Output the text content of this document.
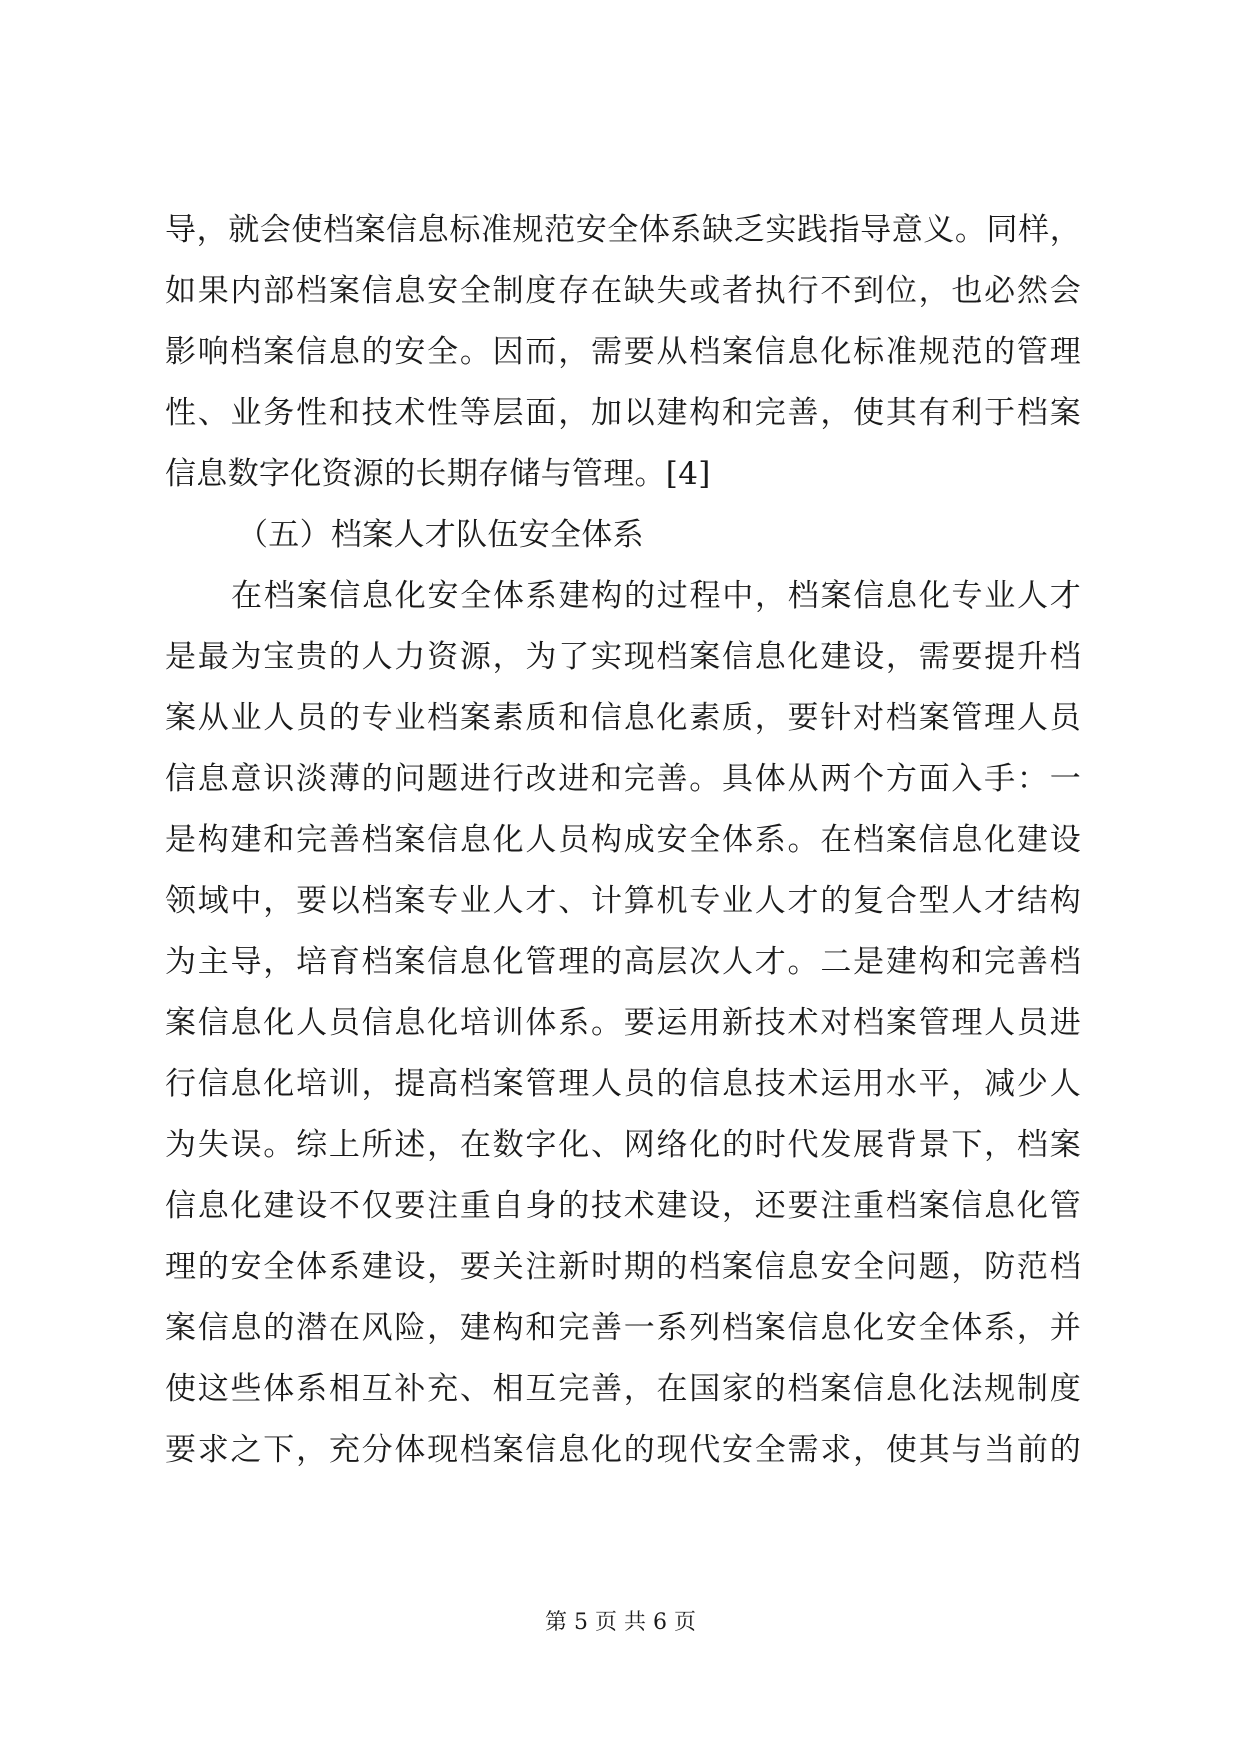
导，就会使档案信息标准规范安全体系缺乏实践指导意义。同样，
如果内部档案信息安全制度存在缺失或者执行不到位，也必然会
影响档案信息的安全。因而，需要从档案信息化标准规范的管理
性、业务性和技术性等层面，加以建构和完善，使其有利于档案
信息数字化资源的长期存储与管理。[4]
（五）档案人才队伍安全体系
在档案信息化安全体系建构的过程中，档案信息化专业人才
是最为宝贵的人力资源，为了实现档案信息化建设，需要提升档
案从业人员的专业档案素质和信息化素质，要针对档案管理人员
信息意识淡薄的问题进行改进和完善。具体从两个方面入手：一
是构建和完善档案信息化人员构成安全体系。在档案信息化建设
领域中，要以档案专业人才、计算机专业人才的复合型人才结构
为主导，培育档案信息化管理的高层次人才。二是建构和完善档
案信息化人员信息化培训体系。要运用新技术对档案管理人员进
行信息化培训，提高档案管理人员的信息技术运用水平，减少人
为失误。综上所述，在数字化、网络化的时代发展背景下，档案
信息化建设不仅要注重自身的技术建设，还要注重档案信息化管
理的安全体系建设，要关注新时期的档案信息安全问题，防范档
案信息的潜在风险，建构和完善一系列档案信息化安全体系，并
使这些体系相互补充、相互完善，在国家的档案信息化法规制度
要求之下，充分体现档案信息化的现代安全需求，使其与当前的
第 5 页 共 6 页
